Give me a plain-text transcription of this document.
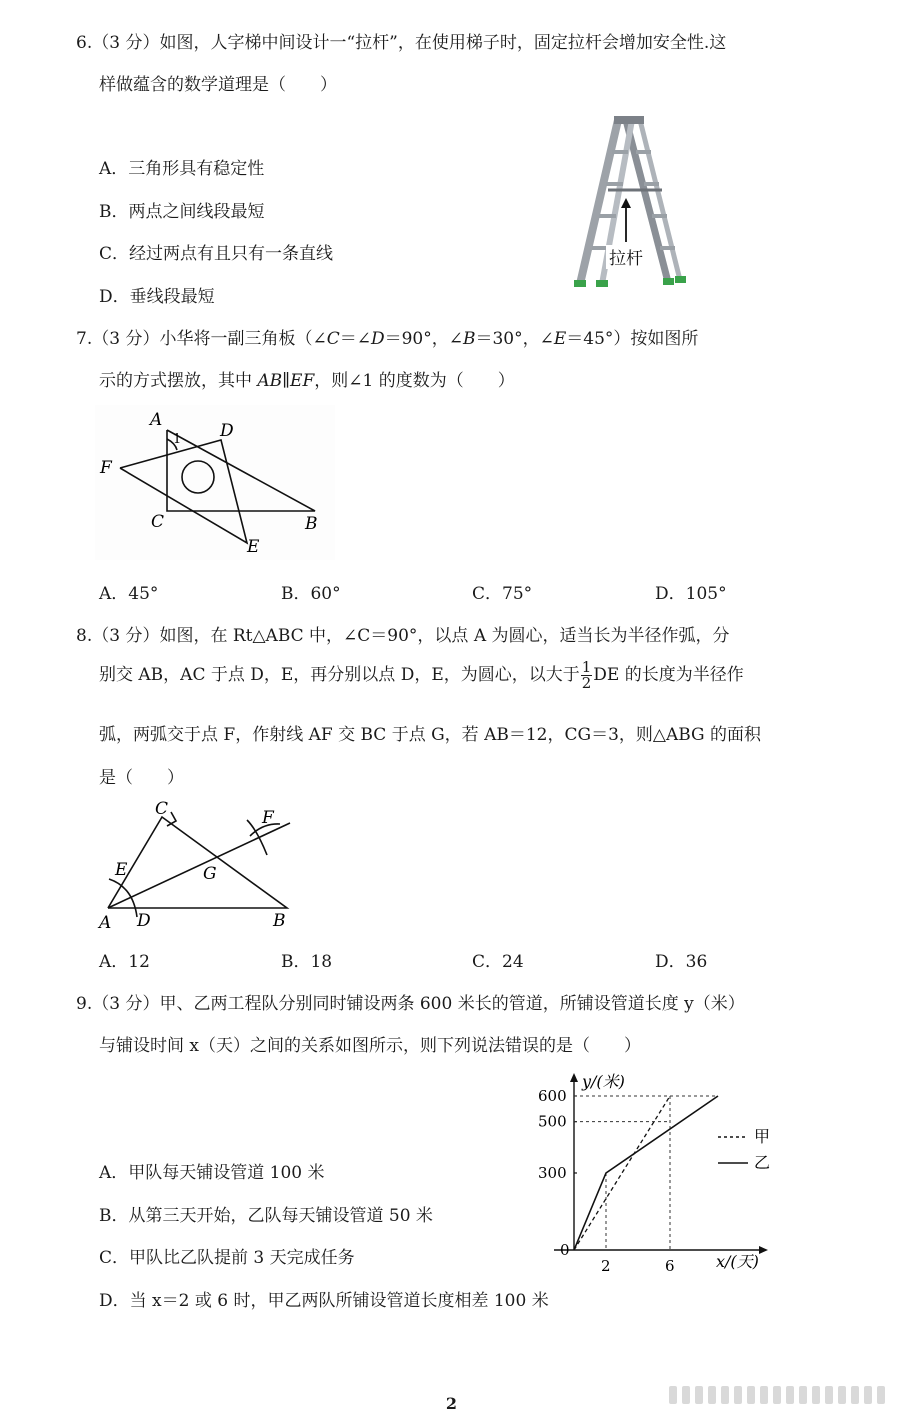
6.（3 分）如图，人字梯中间设计一“拉杆”，在使用梯子时，固定拉杆会增加安全性.这
样做蕴含的数学道理是（　　）
A．三角形具有稳定性
B．两点之间线段最短
C．经过两点有且只有一条直线
D．垂线段最短
拉杆
7.（3 分）小华将一副三角板（∠C＝∠D＝90°，∠B＝30°，∠E＝45°）按如图所
示的方式摆放，其中 AB∥EF，则∠1 的度数为（　　）
A
D
F
C	B
E
1
A．45°	B．60°	C．75°	D．105°
8.（3 分）如图，在 Rt△ABC 中，∠C＝90°，以点 A 为圆心，适当长为半径作弧，分
别交 AB，AC 于点 D，E，再分别以点 D，E，为圆心，以大于 $\frac{1}{2}$ DE 的长度为半径作
弧，两弧交于点 F，作射线 AF 交 BC 于点 G，若 AB＝12，CG＝3，则△ABG 的面积
是（　　）
C	F
E	G
A D	B
A．12	B．18	C．24	D．36
9.（3 分）甲、乙两工程队分别同时铺设两条 600 米长的管道，所铺设管道长度 y（米）
与铺设时间 x（天）之间的关系如图所示，则下列说法错误的是（　　）
A．甲队每天铺设管道 100 米
B．从第三天开始，乙队每天铺设管道 50 米
C．甲队比乙队提前 3 天完成任务
D．当 x＝2 或 6 时，甲乙两队所铺设管道长度相差 100 米
y/(米)
x/(天)
0
300
500
600
2	6
甲
乙
2
